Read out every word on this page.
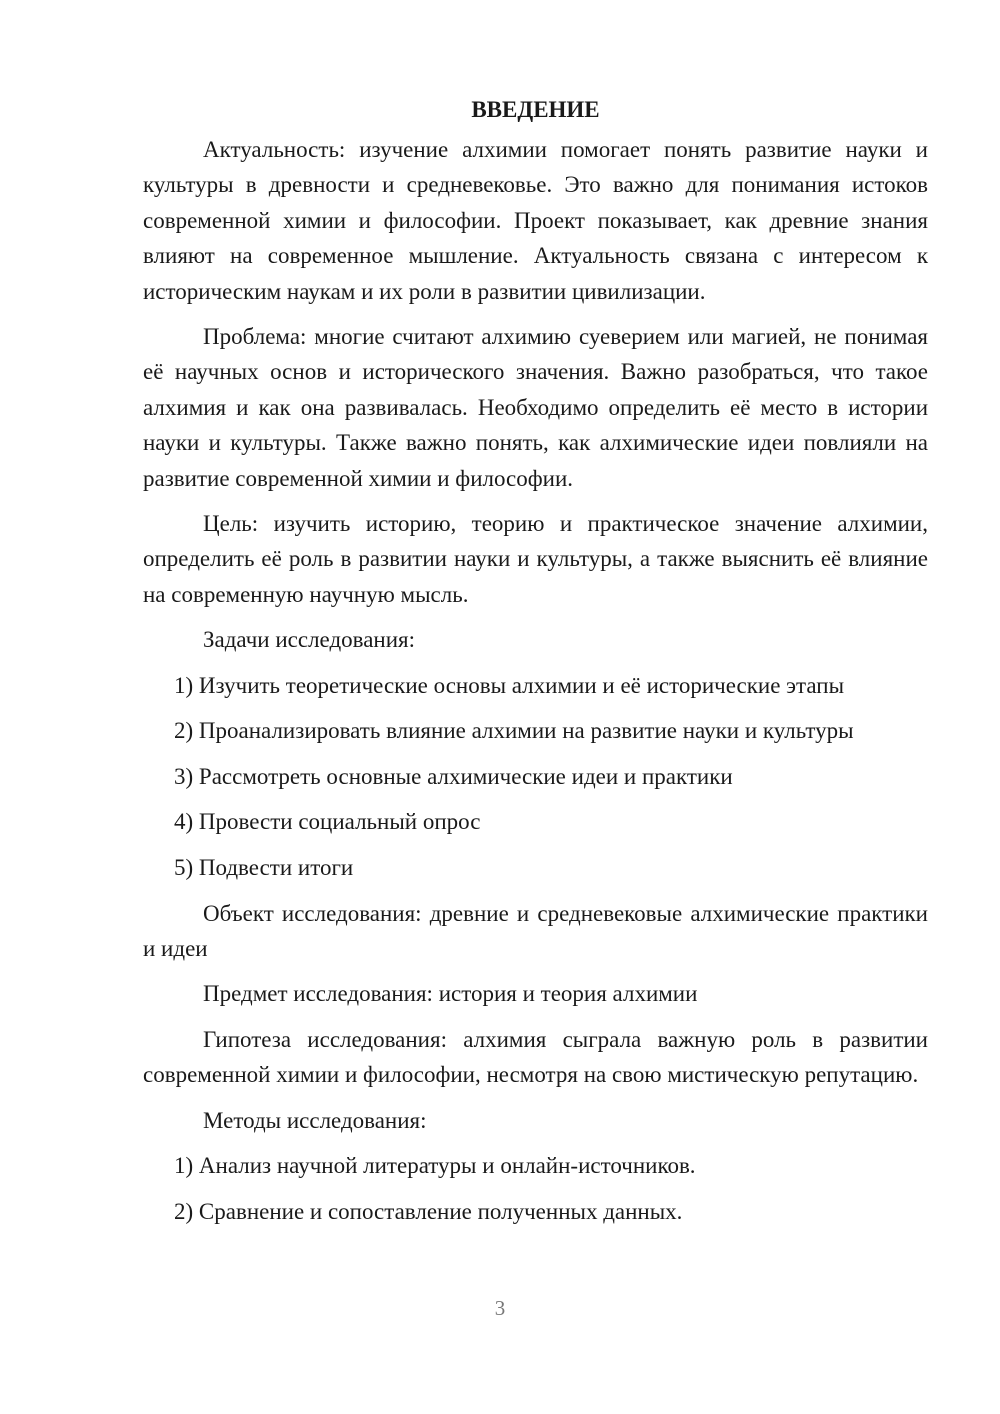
ВВЕДЕНИЕ

Актуальность: изучение алхимии помогает понять развитие науки и культуры в древности и средневековье. Это важно для понимания истоков современной химии и философии. Проект показывает, как древние знания влияют на современное мышление. Актуальность связана с интересом к историческим наукам и их роли в развитии цивилизации.

Проблема: многие считают алхимию суеверием или магией, не понимая её научных основ и исторического значения. Важно разобраться, что такое алхимия и как она развивалась. Необходимо определить её место в истории науки и культуры. Также важно понять, как алхимические идеи повлияли на развитие современной химии и философии.

Цель: изучить историю, теорию и практическое значение алхимии, определить её роль в развитии науки и культуры, а также выяснить её влияние на современную научную мысль.

Задачи исследования:

1) Изучить теоретические основы алхимии и её исторические этапы

2) Проанализировать влияние алхимии на развитие науки и культуры

3) Рассмотреть основные алхимические идеи и практики

4) Провести социальный опрос

5) Подвести итоги

Объект исследования: древние и средневековые алхимические практики и идеи

Предмет исследования: история и теория алхимии

Гипотеза исследования: алхимия сыграла важную роль в развитии современной химии и философии, несмотря на свою мистическую репутацию.

Методы исследования:

1) Анализ научной литературы и онлайн-источников.

2) Сравнение и сопоставление полученных данных.

3
